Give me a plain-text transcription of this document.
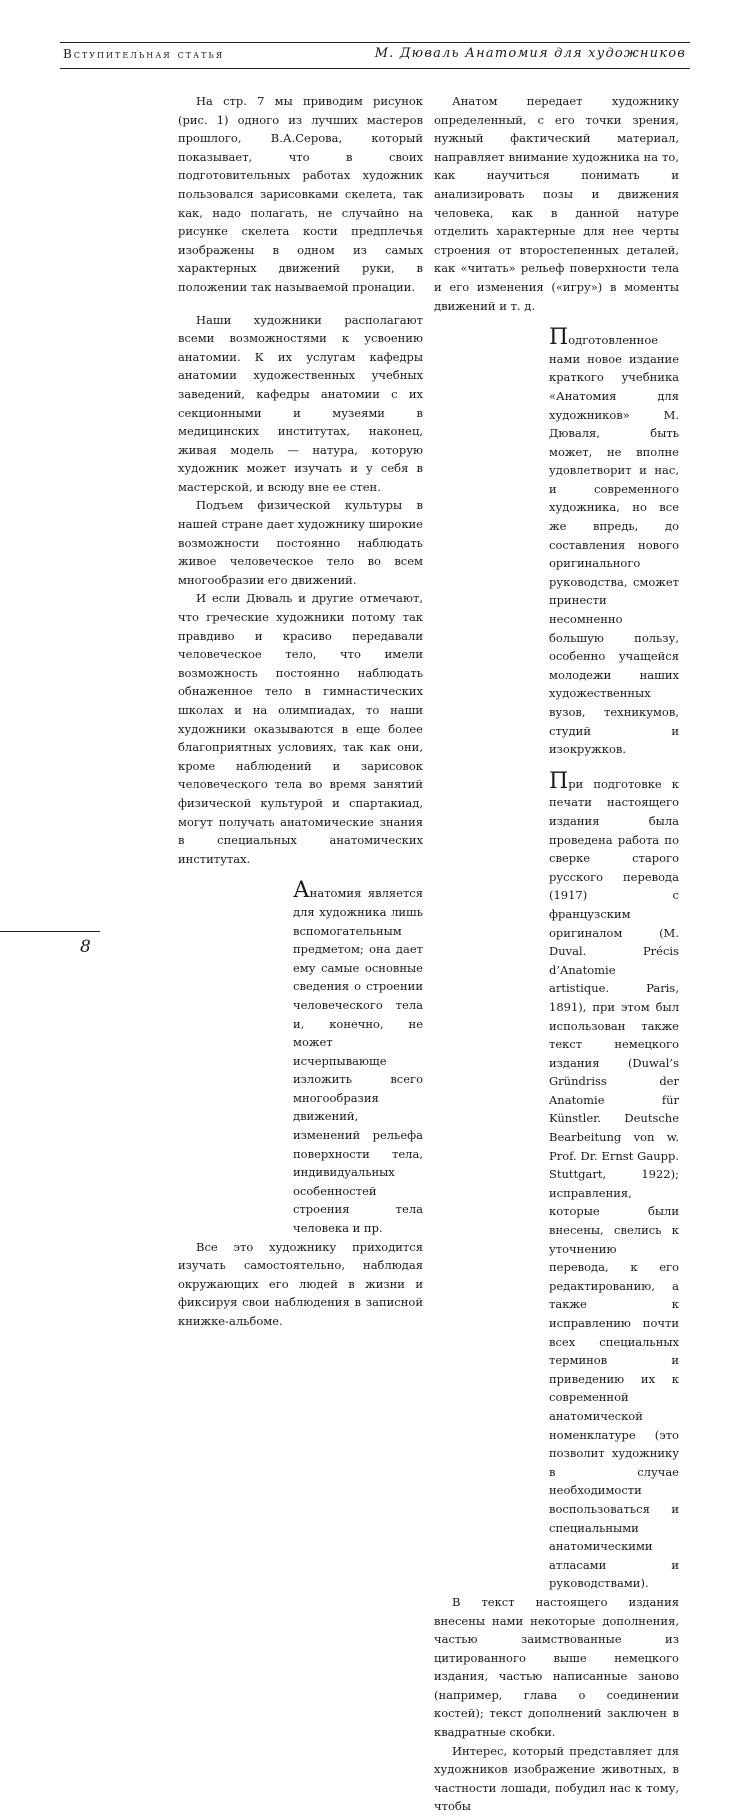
Вступительная статья	М. Дюваль Анатомия для художников

На стр. 7 мы приводим рисунок (рис. 1) одного из лучших мастеров прошлого, В.А.Серова, который показывает, что в своих подготовительных работах художник пользовался зарисовками скелета, так как, надо полагать, не случайно на рисунке скелета кости предплечья изображены в одном из самых характерных движений руки, в положении так называемой пронации.

Наши художники располагают всеми возможностями к усвоению анатомии. К их услугам кафедры анатомии художественных учебных заведений, кафедры анатомии с их секционными и музеями в медицинских институтах, наконец, живая модель — натура, которую художник может изучать и у себя в мастерской, и всюду вне ее стен.

Подъем физической культуры в нашей стране дает художнику широкие возможности постоянно наблюдать живое человеческое тело во всем многообразии его движений.

И если Дюваль и другие отмечают, что греческие художники потому так правдиво и красиво передавали человеческое тело, что имели возможность постоянно наблюдать обнаженное тело в гимнастических школах и на олимпиадах, то наши художники оказываются в еще более благоприятных условиях, так как они, кроме наблюдений и зарисовок человеческого тела во время занятий физической культурой и спартакиад, могут получать анатомические знания в специальных анатомических институтах.

Анатомия является для художника лишь вспомогательным предметом; она дает ему самые основные сведения о строении человеческого тела и, конечно, не может исчерпывающе изложить всего многообразия движений, изменений рельефа поверхности тела, индивидуальных особенностей строения тела человека и пр.

Все это художнику приходится изучать самостоятельно, наблюдая окружающих его людей в жизни и фиксируя свои наблюдения в записной книжке-альбоме.

Анатом передает художнику определенный, с его точки зрения, нужный фактический материал, направляет внимание художника на то, как научиться понимать и анализировать позы и движения человека, как в данной натуре отделить характерные для нее черты строения от второстепенных деталей, как «читать» рельеф поверхности тела и его изменения («игру») в моменты движений и т. д.

Подготовленное нами новое издание краткого учебника «Анатомия для художников» М. Дюваля, быть может, не вполне удовлетворит и нас, и современного художника, но все же впредь, до составления нового оригинального руководства, сможет принести несомненно большую пользу, особенно учащейся молодежи наших художественных вузов, техникумов, студий и изокружков.

При подготовке к печати настоящего издания была проведена работа по сверке старого русского перевода (1917) с французским оригиналом (M. Duval. Précis d’Anatomie artistique. Paris, 1891), при этом был использован также текст немецкого издания (Duwal’s Gründriss der Anatomie für Künstler. Deutsche Bearbeitung von w. Prof. Dr. Ernst Gaupp. Stuttgart, 1922); исправления, которые были внесены, свелись к уточнению перевода, к его редактированию, а также к исправлению почти всех специальных терминов и приведению их к современной анатомической номенклатуре (это позволит художнику в случае необходимости воспользоваться и специальными анатомическими атласами и руководствами).

В текст настоящего издания внесены нами некоторые дополнения, частью заимствованные из цитированного выше немецкого издания, частью написанные заново (например, глава о соединении костей); текст дополнений заключен в квадратные скобки.

Интерес, который представляет для художников изображение животных, в частности лошади, побудил нас к тому, чтобы

8
